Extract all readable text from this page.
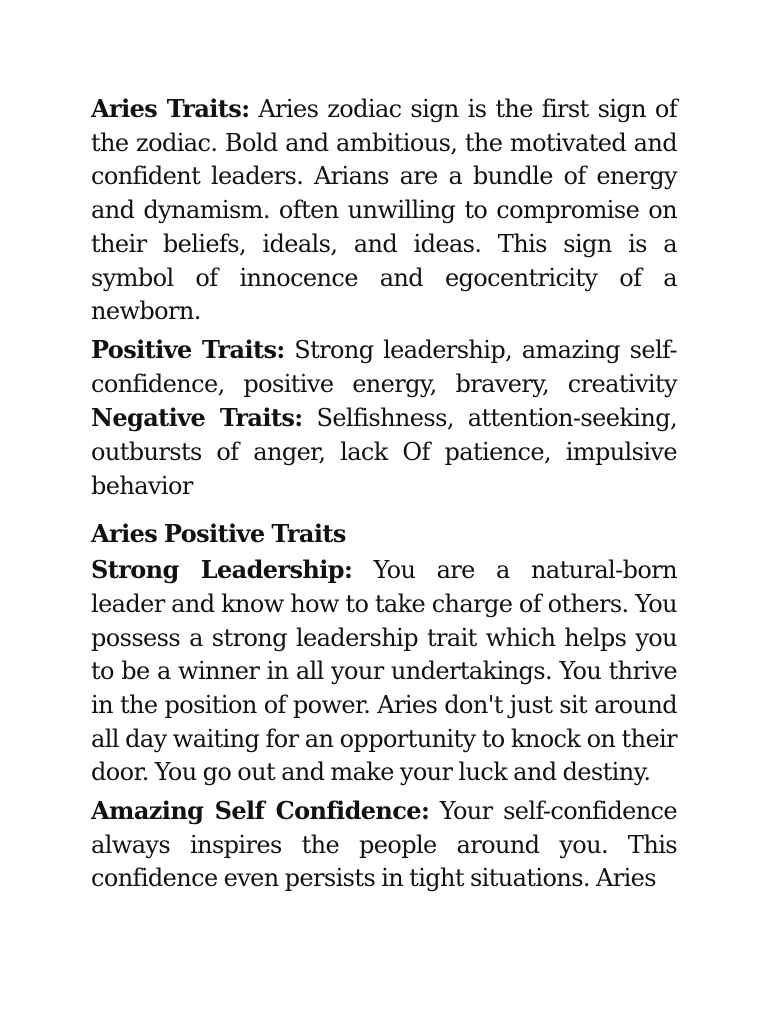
Aries Traits: Aries zodiac sign is the first sign of the zodiac. Bold and ambitious, the motivated and confident leaders. Arians are a bundle of energy and dynamism. often unwilling to compromise on their beliefs, ideals, and ideas. This sign is a symbol of innocence and egocentricity of a newborn.

Positive Traits: Strong leadership, amazing self-confidence, positive energy, bravery, creativity Negative Traits: Selfishness, attention-seeking, outbursts of anger, lack Of patience, impulsive behavior

Aries Positive Traits

Strong Leadership: You are a natural-born leader and know how to take charge of others. You possess a strong leadership trait which helps you to be a winner in all your undertakings. You thrive in the position of power. Aries don't just sit around all day waiting for an opportunity to knock on their door. You go out and make your luck and destiny.

Amazing Self Confidence: Your self-confidence always inspires the people around you. This confidence even persists in tight situations. Aries
